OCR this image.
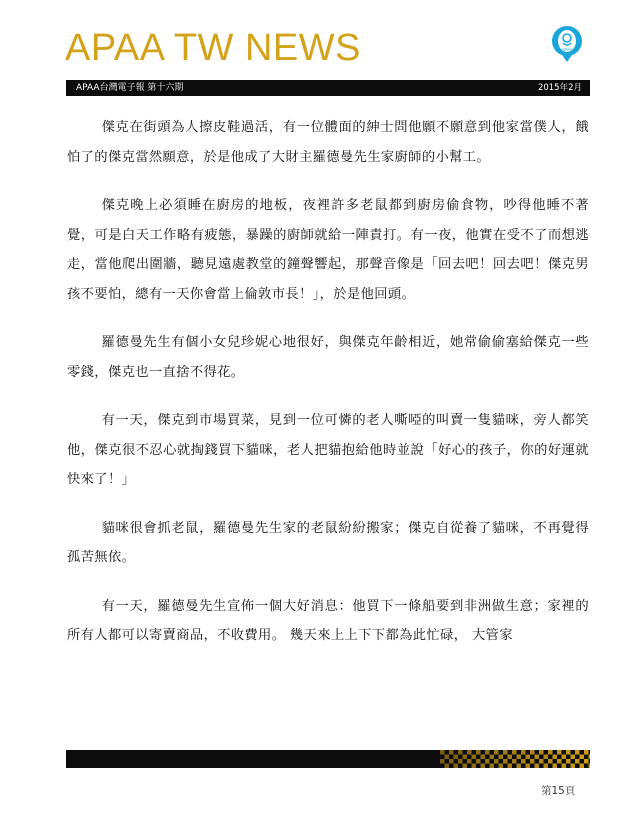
APAA TW NEWS	APAA
APAA台灣電子報 第十六期	2015年2月

傑克在街頭為人擦皮鞋過活，有一位體面的紳士問他願不願意到他家當僕人，餓怕了的傑克當然願意，於是他成了大財主羅德曼先生家廚師的小幫工。

傑克晚上必須睡在廚房的地板，夜裡許多老鼠都到廚房偷食物，吵得他睡不著覺，可是白天工作略有疲態，暴躁的廚師就給一陣責打。有一夜，他實在受不了而想逃走，當他爬出圍牆，聽見遠處教堂的鐘聲響起，那聲音像是「回去吧！回去吧！傑克男孩不要怕，總有一天你會當上倫敦市長！」，於是他回頭。

羅德曼先生有個小女兒珍妮心地很好，與傑克年齡相近，她常偷偷塞給傑克一些零錢，傑克也一直捨不得花。

有一天，傑克到市場買菜，見到一位可憐的老人嘶啞的叫賣一隻貓咪，旁人都笑他，傑克很不忍心就掏錢買下貓咪，老人把貓抱給他時並說「好心的孩子，你的好運就快來了！」

貓咪很會抓老鼠，羅德曼先生家的老鼠紛紛搬家；傑克自從養了貓咪，不再覺得孤苦無依。

有一天，羅德曼先生宣佈一個大好消息：他買下一條船要到非洲做生意；家裡的所有人都可以寄賣商品，不收費用。 幾天來上上下下都為此忙碌， 大管家

第15頁
